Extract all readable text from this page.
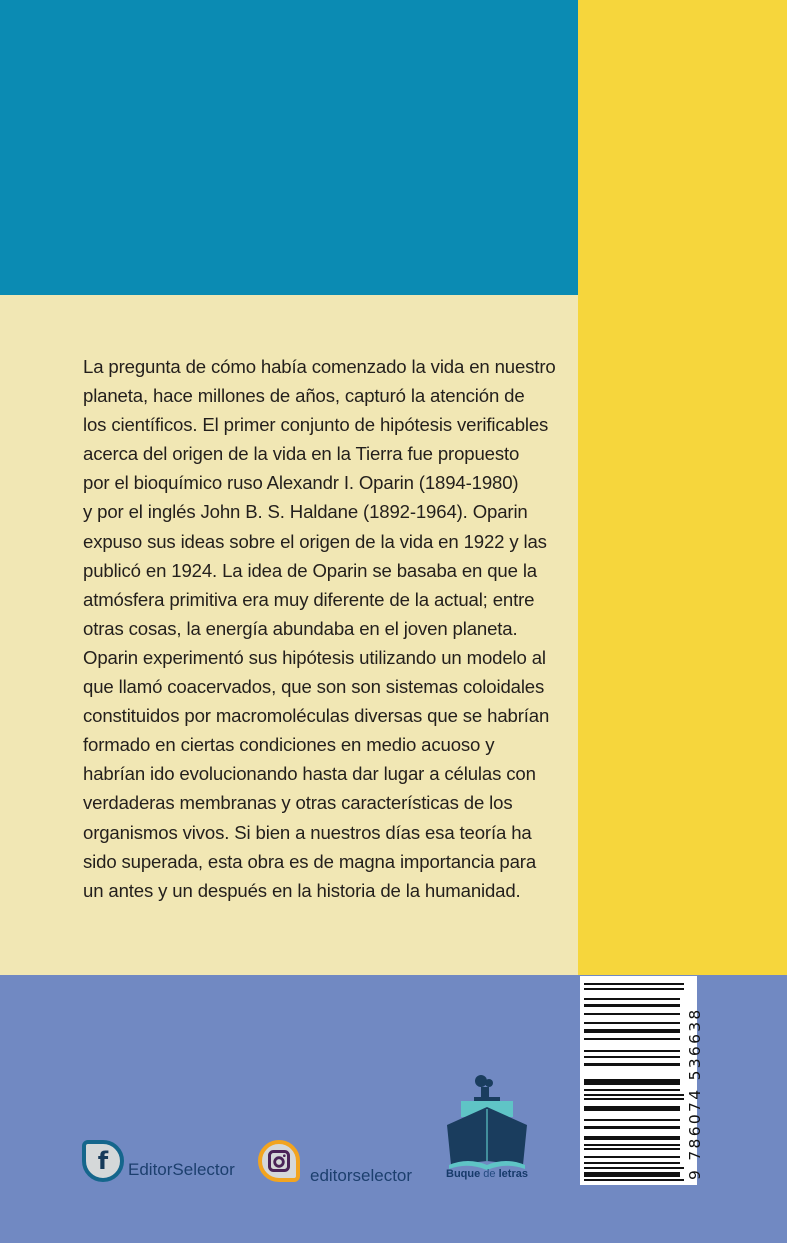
La pregunta de cómo había comenzado la vida en nuestro
planeta, hace millones de años, capturó la atención de
los científicos. El primer conjunto de hipótesis verificables
acerca del origen de la vida en la Tierra fue propuesto
por el bioquímico ruso Alexandr I. Oparin (1894-1980)
y por el inglés John B. S. Haldane (1892-1964). Oparin
expuso sus ideas sobre el origen de la vida en 1922 y las
publicó en 1924. La idea de Oparin se basaba en que la
atmósfera primitiva era muy diferente de la actual; entre
otras cosas, la energía abundaba en el joven planeta.
Oparin experimentó sus hipótesis utilizando un modelo al
que llamó coacervados, que son son sistemas coloidales
constituidos por macromoléculas diversas que se habrían
formado en ciertas condiciones en medio acuoso y
habrían ido evolucionando hasta dar lugar a células con
verdaderas membranas y otras características de los
organismos vivos. Si bien a nuestros días esa teoría ha
sido superada, esta obra es de magna importancia para
un antes y un después en la historia de la humanidad.

f EditorSelector	editorselector	Buque de letras	9 786074 536638
